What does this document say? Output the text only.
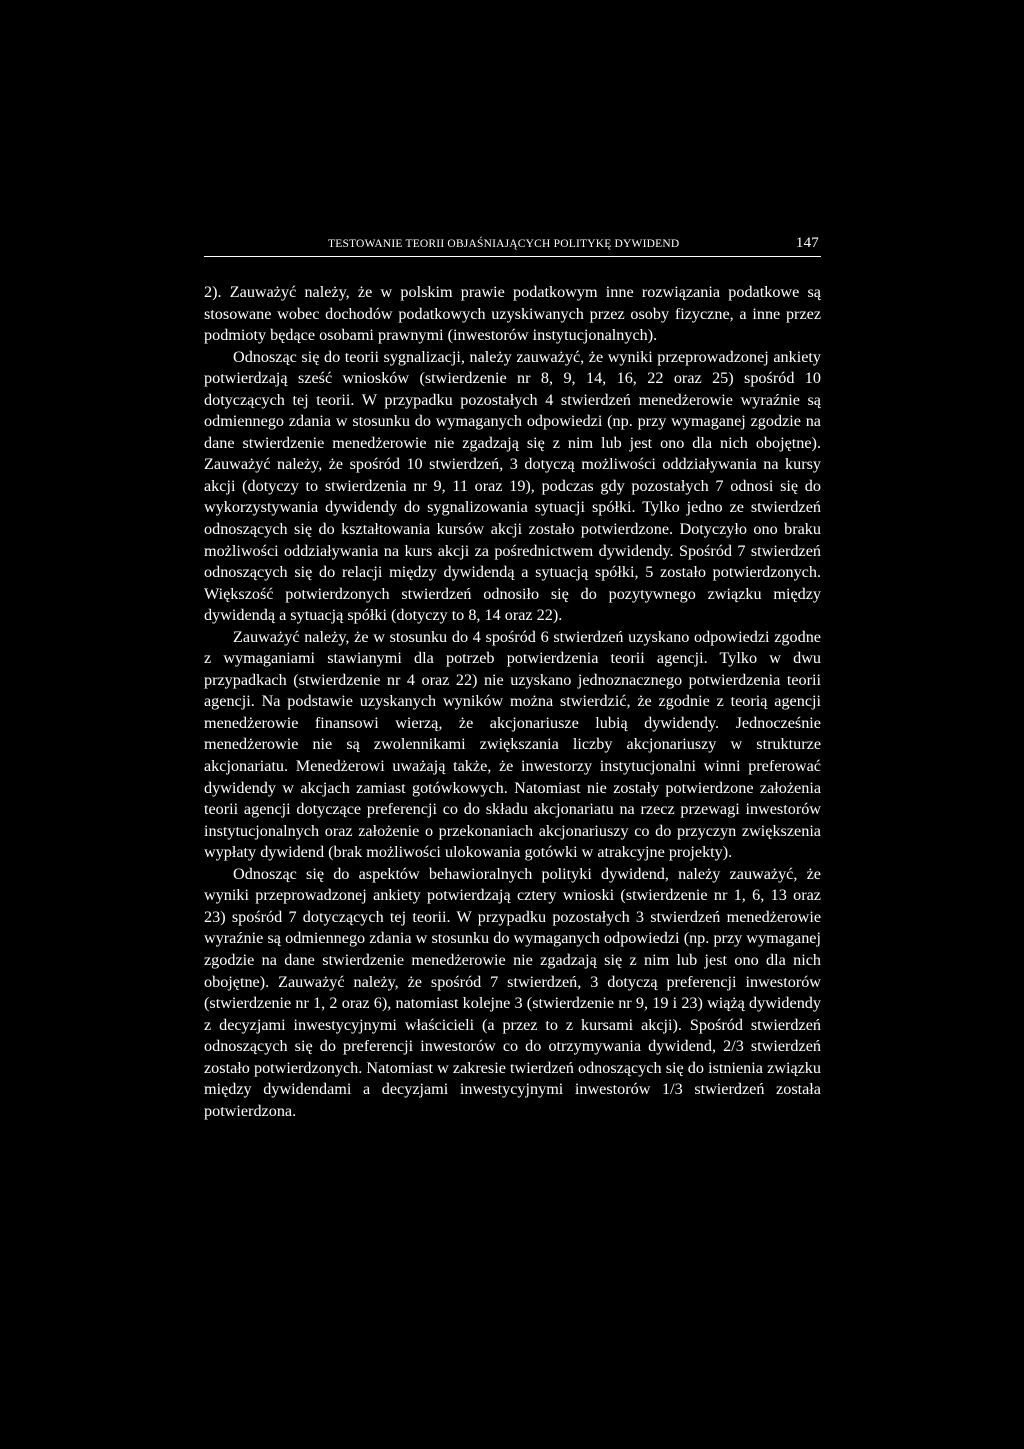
TESTOWANIE TEORII OBJAŚNIAJĄCYCH POLITYKĘ DYWIDEND	147

2). Zauważyć należy, że w polskim prawie podatkowym inne rozwiązania podatkowe są stosowane wobec dochodów podatkowych uzyskiwanych przez osoby fizyczne, a inne przez podmioty będące osobami prawnymi (inwestorów instytucjonalnych).

Odnosząc się do teorii sygnalizacji, należy zauważyć, że wyniki przeprowadzonej ankiety potwierdzają sześć wniosków (stwierdzenie nr 8, 9, 14, 16, 22 oraz 25) spośród 10 dotyczących tej teorii. W przypadku pozostałych 4 stwierdzeń menedżerowie wyraźnie są odmiennego zdania w stosunku do wymaganych odpowiedzi (np. przy wymaganej zgodzie na dane stwierdzenie menedżerowie nie zgadzają się z nim lub jest ono dla nich obojętne). Zauważyć należy, że spośród 10 stwierdzeń, 3 dotyczą możliwości oddziaływania na kursy akcji (dotyczy to stwierdzenia nr 9, 11 oraz 19), podczas gdy pozostałych 7 odnosi się do wykorzystywania dywidendy do sygnalizowania sytuacji spółki. Tylko jedno ze stwierdzeń odnoszących się do kształtowania kursów akcji zostało potwierdzone. Dotyczyło ono braku możliwości oddziaływania na kurs akcji za pośrednictwem dywidendy. Spośród 7 stwierdzeń odnoszących się do relacji między dywidendą a sytuacją spółki, 5 zostało potwierdzonych. Większość potwierdzonych stwierdzeń odnosiło się do pozytywnego związku między dywidendą a sytuacją spółki (dotyczy to 8, 14 oraz 22).

Zauważyć należy, że w stosunku do 4 spośród 6 stwierdzeń uzyskano odpowiedzi zgodne z wymaganiami stawianymi dla potrzeb potwierdzenia teorii agencji. Tylko w dwu przypadkach (stwierdzenie nr 4 oraz 22) nie uzyskano jednoznacznego potwierdzenia teorii agencji. Na podstawie uzyskanych wyników można stwierdzić, że zgodnie z teorią agencji menedżerowie finansowi wierzą, że akcjonariusze lubią dywidendy. Jednocześnie menedżerowie nie są zwolennikami zwiększania liczby akcjonariuszy w strukturze akcjonariatu. Menedżerowi uważają także, że inwestorzy instytucjonalni winni preferować dywidendy w akcjach zamiast gotówkowych. Natomiast nie zostały potwierdzone założenia teorii agencji dotyczące preferencji co do składu akcjonariatu na rzecz przewagi inwestorów instytucjonalnych oraz założenie o przekonaniach akcjonariuszy co do przyczyn zwiększenia wypłaty dywidend (brak możliwości ulokowania gotówki w atrakcyjne projekty).

Odnosząc się do aspektów behawioralnych polityki dywidend, należy zauważyć, że wyniki przeprowadzonej ankiety potwierdzają cztery wnioski (stwierdzenie nr 1, 6, 13 oraz 23) spośród 7 dotyczących tej teorii. W przypadku pozostałych 3 stwierdzeń menedżerowie wyraźnie są odmiennego zdania w stosunku do wymaganych odpowiedzi (np. przy wymaganej zgodzie na dane stwierdzenie menedżerowie nie zgadzają się z nim lub jest ono dla nich obojętne). Zauważyć należy, że spośród 7 stwierdzeń, 3 dotyczą preferencji inwestorów (stwierdzenie nr 1, 2 oraz 6), natomiast kolejne 3 (stwierdzenie nr 9, 19 i 23) wiążą dywidendy z decyzjami inwestycyjnymi właścicieli (a przez to z kursami akcji). Spośród stwierdzeń odnoszących się do preferencji inwestorów co do otrzymywania dywidend, 2/3 stwierdzeń zostało potwierdzonych. Natomiast w zakresie twierdzeń odnoszących się do istnienia związku między dywidendami a decyzjami inwestycyjnymi inwestorów 1/3 stwierdzeń została potwierdzona.
